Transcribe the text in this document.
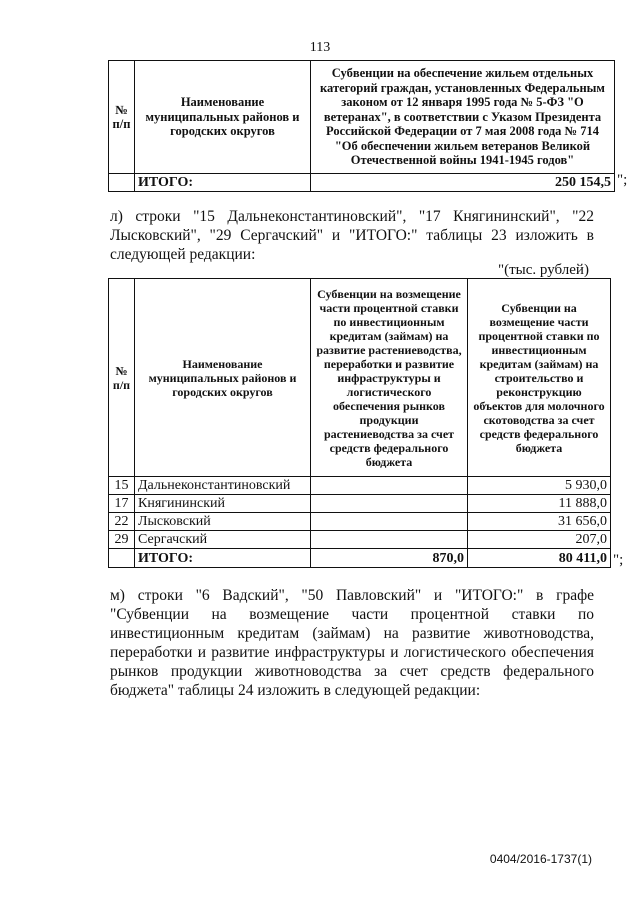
113
№ п/п	Наименование муниципальных районов и городских округов	Субвенции на обеспечение жильем отдельных категорий граждан, установленных Федеральным законом от 12 января 1995 года № 5-ФЗ "О ветеранах", в соответствии с Указом Президента Российской Федерации от 7 мая 2008 года № 714 "Об обеспечении жильем ветеранов Великой Отечественной войны 1941-1945 годов"
	ИТОГО:	250 154,5 ";
л) строки "15 Дальнеконстантиновский", "17 Княгининский", "22 Лысковский", "29 Сергачский" и "ИТОГО:" таблицы 23 изложить в следующей редакции:
"(тыс. рублей)
№ п/п	Наименование муниципальных районов и городских округов	Субвенции на возмещение части процентной ставки по инвестиционным кредитам (займам) на развитие растениеводства, переработки и развитие инфраструктуры и логистического обеспечения рынков продукции растениеводства за счет средств федерального бюджета	Субвенции на возмещение части процентной ставки по инвестиционным кредитам (займам) на строительство и реконструкцию объектов для молочного скотоводства за счет средств федерального бюджета
15	Дальнеконстантиновский		5 930,0
17	Княгининский		11 888,0
22	Лысковский		31 656,0
29	Сергачский		207,0
	ИТОГО:	870,0	80 411,0 ";
м) строки "6 Вадский", "50 Павловский" и "ИТОГО:" в графе "Субвенции на возмещение части процентной ставки по инвестиционным кредитам (займам) на развитие животноводства, переработки и развитие инфраструктуры и логистического обеспечения рынков продукции животноводства за счет средств федерального бюджета" таблицы 24 изложить в следующей редакции:
0404/2016-1737(1)
